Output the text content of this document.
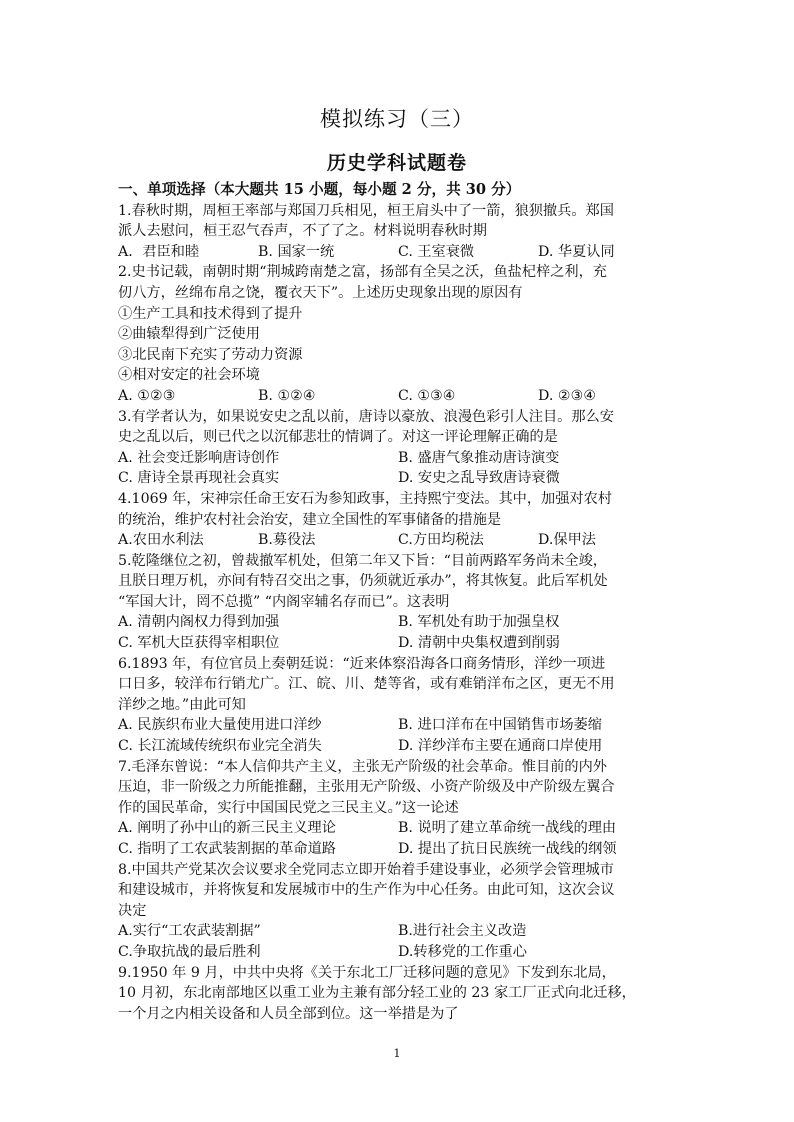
模拟练习（三）
历史学科试题卷
一、单项选择（本大题共 15 小题，每小题 2 分，共 30 分）
1.春秋时期，周桓王率部与郑国刀兵相见，桓王肩头中了一箭，狼狈撤兵。郑国
派人去慰问，桓王忍气吞声，不了了之。材料说明春秋时期
A．君臣和睦	B. 国家一统	C. 王室衰微	D. 华夏认同
2.史书记载，南朝时期“荆城跨南楚之富，扬部有全吴之沃，鱼盐杞梓之利，充
仞八方，丝绵布帛之饶，覆衣天下”。上述历史现象出现的原因有
①生产工具和技术得到了提升
②曲辕犁得到广泛使用
③北民南下充实了劳动力资源
④相对安定的社会环境
A. ①②③	B. ①②④	C. ①③④	D. ②③④
3.有学者认为，如果说安史之乱以前，唐诗以豪放、浪漫色彩引人注目。那么安
史之乱以后，则已代之以沉郁悲壮的情调了。对这一评论理解正确的是
A. 社会变迁影响唐诗创作	B. 盛唐气象推动唐诗演变
C. 唐诗全景再现社会真实	D. 安史之乱导致唐诗衰微
4.1069 年，宋神宗任命王安石为参知政事，主持熙宁变法。其中，加强对农村
的统治，维护农村社会治安，建立全国性的军事储备的措施是
A.农田水利法	B.募役法	C.方田均税法	D.保甲法
5.乾隆继位之初，曾裁撤军机处，但第二年又下旨：“目前两路军务尚未全竣，
且朕日理万机，亦间有特召交出之事，仍须就近承办”，将其恢复。此后军机处
“军国大计，罔不总揽” “内阁宰辅名存而已”。这表明
A. 清朝内阁权力得到加强	B. 军机处有助于加强皇权
C. 军机大臣获得宰相职位	D. 清朝中央集权遭到削弱
6.1893 年，有位官员上奏朝廷说：“近来体察沿海各口商务情形，洋纱一项进
口日多，较洋布行销尤广。江、皖、川、楚等省，或有难销洋布之区，更无不用
洋纱之地。”由此可知
A. 民族织布业大量使用进口洋纱	B. 进口洋布在中国销售市场萎缩
C. 长江流域传统织布业完全消失	D. 洋纱洋布主要在通商口岸使用
7.毛泽东曾说：“本人信仰共产主义，主张无产阶级的社会革命。惟目前的内外
压迫，非一阶级之力所能推翻，主张用无产阶级、小资产阶级及中产阶级左翼合
作的国民革命，实行中国国民党之三民主义。”这一论述
A. 阐明了孙中山的新三民主义理论	B. 说明了建立革命统一战线的理由
C. 指明了工农武装割据的革命道路	D. 提出了抗日民族统一战线的纲领
8.中国共产党某次会议要求全党同志立即开始着手建设事业，必须学会管理城市
和建设城市，并将恢复和发展城市中的生产作为中心任务。由此可知，这次会议
决定
A.实行“工农武装割据”	B.进行社会主义改造
C.争取抗战的最后胜利	D.转移党的工作重心
9.1950 年 9 月，中共中央将《关于东北工厂迁移问题的意见》下发到东北局，
10 月初，东北南部地区以重工业为主兼有部分轻工业的 23 家工厂正式向北迁移，
一个月之内相关设备和人员全部到位。这一举措是为了
1
